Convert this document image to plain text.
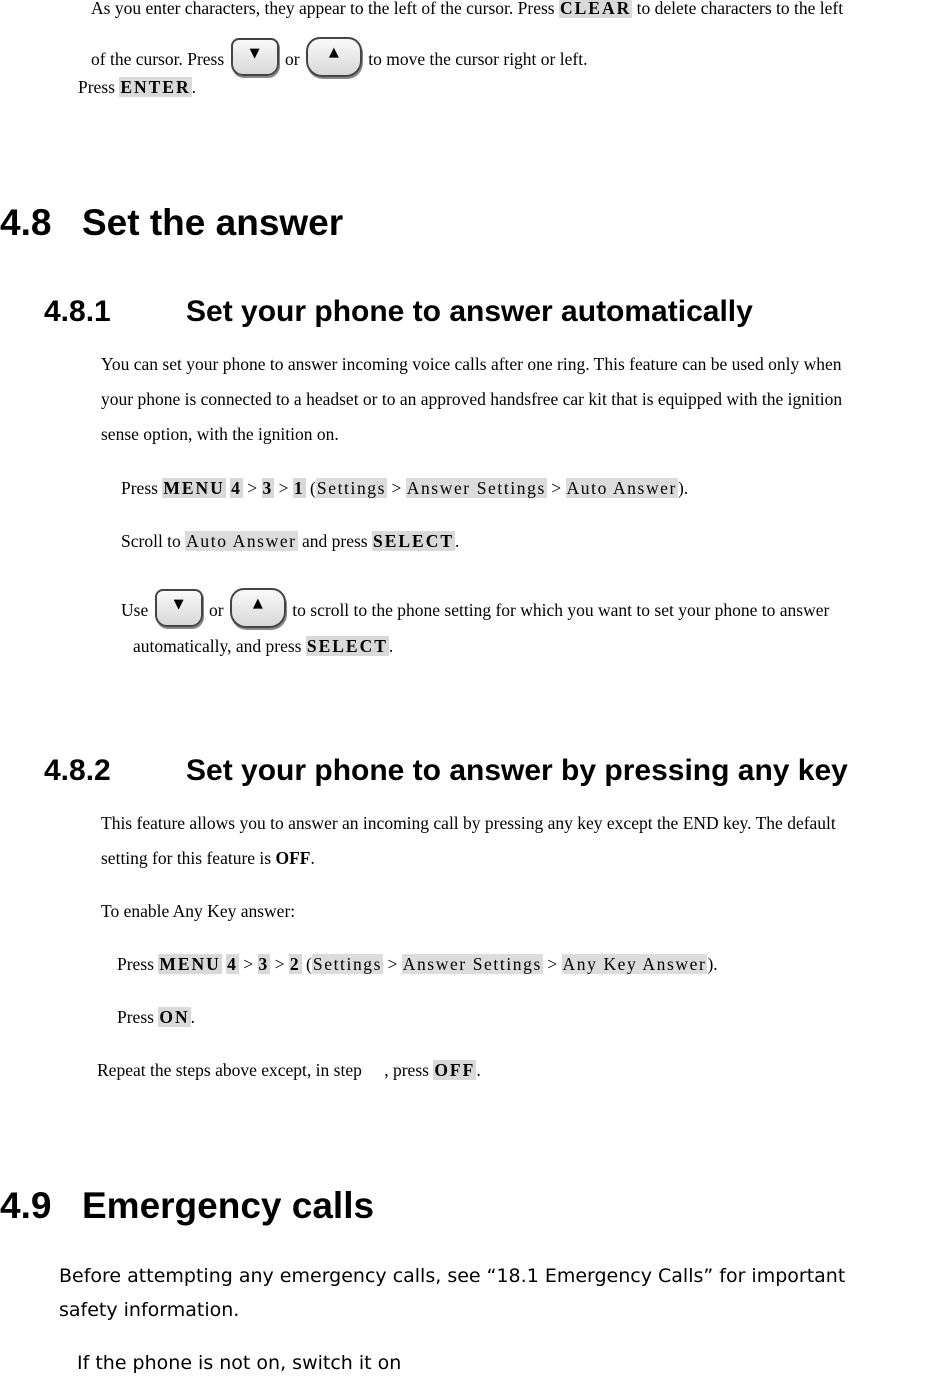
As you enter characters, they appear to the left of the cursor. Press CLEAR to delete characters to the left
of the cursor. Press	▼	or	▲	to move the cursor right or left.
Press ENTER.
4.8 Set the answer
4.8.1	Set your phone to answer automatically
You can set your phone to answer incoming voice calls after one ring. This feature can be used only when
your phone is connected to a headset or to an approved handsfree car kit that is equipped with the ignition
sense option, with the ignition on.
Press MENU 4 > 3 > 1 (Settings > Answer Settings > Auto Answer).
Scroll to Auto Answer and press SELECT.
Use	▼	or	▲	to scroll to the phone setting for which you want to set your phone to answer
automatically, and press SELECT.
4.8.2	Set your phone to answer by pressing any key
This feature allows you to answer an incoming call by pressing any key except the END key. The default
setting for this feature is OFF.
To enable Any Key answer:
Press MENU 4 > 3 > 2 (Settings > Answer Settings > Any Key Answer).
Press ON.
Repeat the steps above except, in step , press OFF.
4.9 Emergency calls
Before attempting any emergency calls, see “18.1 Emergency Calls” for important
safety information.
If the phone is not on, switch it on
